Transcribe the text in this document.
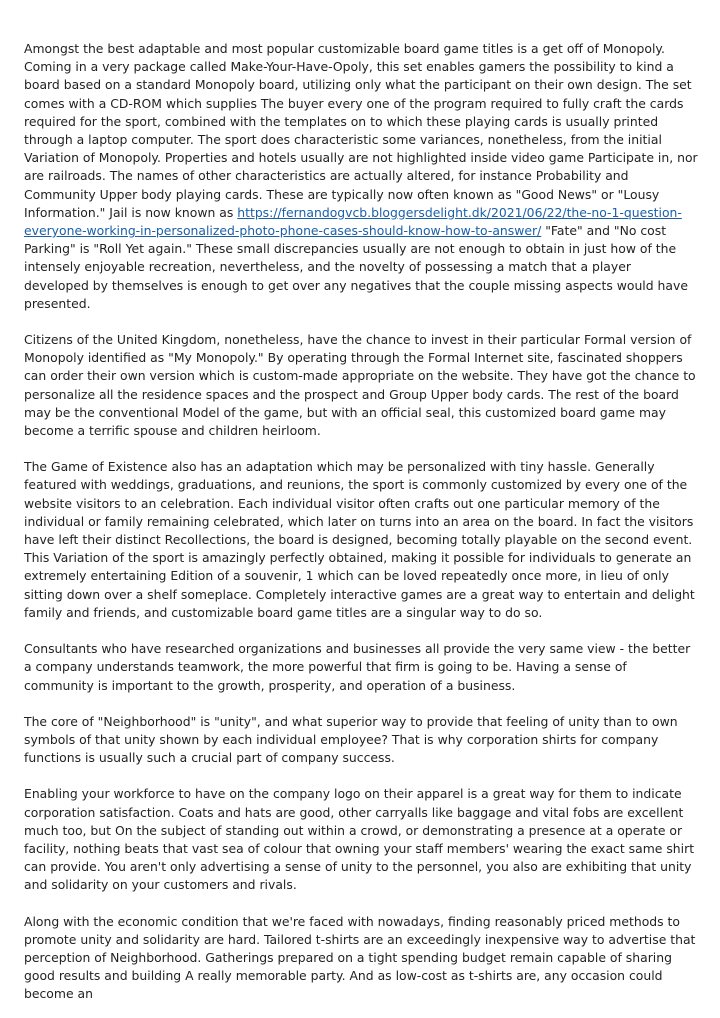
Amongst the best adaptable and most popular customizable board game titles is a get off of Monopoly. Coming in a very package called Make-Your-Have-Opoly, this set enables gamers the possibility to kind a board based on a standard Monopoly board, utilizing only what the participant on their own design. The set comes with a CD-ROM which supplies The buyer every one of the program required to fully craft the cards required for the sport, combined with the templates on to which these playing cards is usually printed through a laptop computer. The sport does characteristic some variances, nonetheless, from the initial Variation of Monopoly. Properties and hotels usually are not highlighted inside video game Participate in, nor are railroads. The names of other characteristics are actually altered, for instance Probability and Community Upper body playing cards. These are typically now often known as "Good News" or "Lousy Information." Jail is now known as https://fernandogvcb.bloggersdelight.dk/2021/06/22/the-no-1-question-everyone-working-in-personalized-photo-phone-cases-should-know-how-to-answer/ "Fate" and "No cost Parking" is "Roll Yet again." These small discrepancies usually are not enough to obtain in just how of the intensely enjoyable recreation, nevertheless, and the novelty of possessing a match that a player developed by themselves is enough to get over any negatives that the couple missing aspects would have presented.

Citizens of the United Kingdom, nonetheless, have the chance to invest in their particular Formal version of Monopoly identified as "My Monopoly." By operating through the Formal Internet site, fascinated shoppers can order their own version which is custom-made appropriate on the website. They have got the chance to personalize all the residence spaces and the prospect and Group Upper body cards. The rest of the board may be the conventional Model of the game, but with an official seal, this customized board game may become a terrific spouse and children heirloom.

The Game of Existence also has an adaptation which may be personalized with tiny hassle. Generally featured with weddings, graduations, and reunions, the sport is commonly customized by every one of the website visitors to an celebration. Each individual visitor often crafts out one particular memory of the individual or family remaining celebrated, which later on turns into an area on the board. In fact the visitors have left their distinct Recollections, the board is designed, becoming totally playable on the second event. This Variation of the sport is amazingly perfectly obtained, making it possible for individuals to generate an extremely entertaining Edition of a souvenir, 1 which can be loved repeatedly once more, in lieu of only sitting down over a shelf someplace. Completely interactive games are a great way to entertain and delight family and friends, and customizable board game titles are a singular way to do so.

Consultants who have researched organizations and businesses all provide the very same view - the better a company understands teamwork, the more powerful that firm is going to be. Having a sense of community is important to the growth, prosperity, and operation of a business.

The core of "Neighborhood" is "unity", and what superior way to provide that feeling of unity than to own symbols of that unity shown by each individual employee? That is why corporation shirts for company functions is usually such a crucial part of company success.

Enabling your workforce to have on the company logo on their apparel is a great way for them to indicate corporation satisfaction. Coats and hats are good, other carryalls like baggage and vital fobs are excellent much too, but On the subject of standing out within a crowd, or demonstrating a presence at a operate or facility, nothing beats that vast sea of colour that owning your staff members' wearing the exact same shirt can provide. You aren't only advertising a sense of unity to the personnel, you also are exhibiting that unity and solidarity on your customers and rivals.

Along with the economic condition that we're faced with nowadays, finding reasonably priced methods to promote unity and solidarity are hard. Tailored t-shirts are an exceedingly inexpensive way to advertise that perception of Neighborhood. Gatherings prepared on a tight spending budget remain capable of sharing good results and building A really memorable party. And as low-cost as t-shirts are, any occasion could become an
